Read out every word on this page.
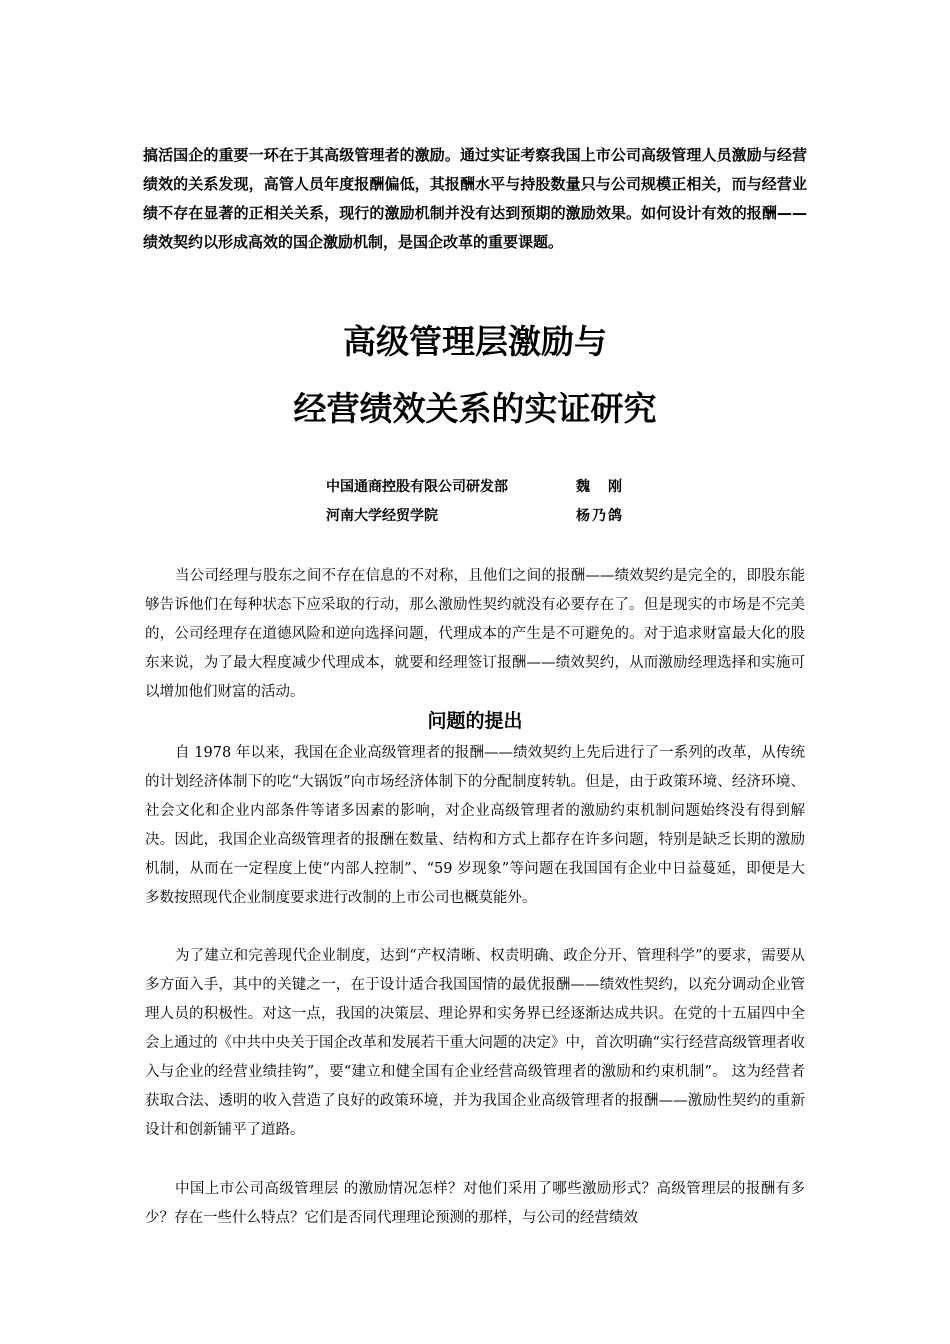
搞活国企的重要一环在于其高级管理者的激励。通过实证考察我国上市公司高级管理人员激励与经营绩效的关系发现，高管人员年度报酬偏低，其报酬水平与持股数量只与公司规模正相关，而与经营业绩不存在显著的正相关关系，现行的激励机制并没有达到预期的激励效果。如何设计有效的报酬——绩效契约以形成高效的国企激励机制，是国企改革的重要课题。

高级管理层激励与
经营绩效关系的实证研究
中国通商控股有限公司研发部	魏　刚
河南大学经贸学院	杨乃鸽

当公司经理与股东之间不存在信息的不对称，且他们之间的报酬——绩效契约是完全的，即股东能够告诉他们在每种状态下应采取的行动，那么激励性契约就没有必要存在了。但是现实的市场是不完美的，公司经理存在道德风险和逆向选择问题，代理成本的产生是不可避免的。对于追求财富最大化的股东来说，为了最大程度减少代理成本，就要和经理签订报酬——绩效契约，从而激励经理选择和实施可以增加他们财富的活动。

问题的提出

自 1978 年以来，我国在企业高级管理者的报酬——绩效契约上先后进行了一系列的改革，从传统的计划经济体制下的吃“大锅饭”向市场经济体制下的分配制度转轨。但是，由于政策环境、经济环境、社会文化和企业内部条件等诸多因素的影响，对企业高级管理者的激励约束机制问题始终没有得到解决。因此，我国企业高级管理者的报酬在数量、结构和方式上都存在许多问题，特别是缺乏长期的激励机制，从而在一定程度上使“内部人控制”、“59 岁现象”等问题在我国国有企业中日益蔓延，即便是大多数按照现代企业制度要求进行改制的上市公司也概莫能外。

为了建立和完善现代企业制度，达到“产权清晰、权责明确、政企分开、管理科学”的要求，需要从多方面入手，其中的关键之一，在于设计适合我国国情的最优报酬——绩效性契约，以充分调动企业管理人员的积极性。对这一点，我国的决策层、理论界和实务界已经逐渐达成共识。在党的十五届四中全会上通过的《中共中央关于国企改革和发展若干重大问题的决定》中，首次明确“实行经营高级管理者收入与企业的经营业绩挂钩”，要“建立和健全国有企业经营高级管理者的激励和约束机制”。 这为经营者获取合法、透明的收入营造了良好的政策环境，并为我国企业高级管理者的报酬——激励性契约的重新设计和创新铺平了道路。

中国上市公司高级管理层 的激励情况怎样？对他们采用了哪些激励形式？高级管理层的报酬有多少？存在一些什么特点？它们是否同代理理论预测的那样，与公司的经营绩效
